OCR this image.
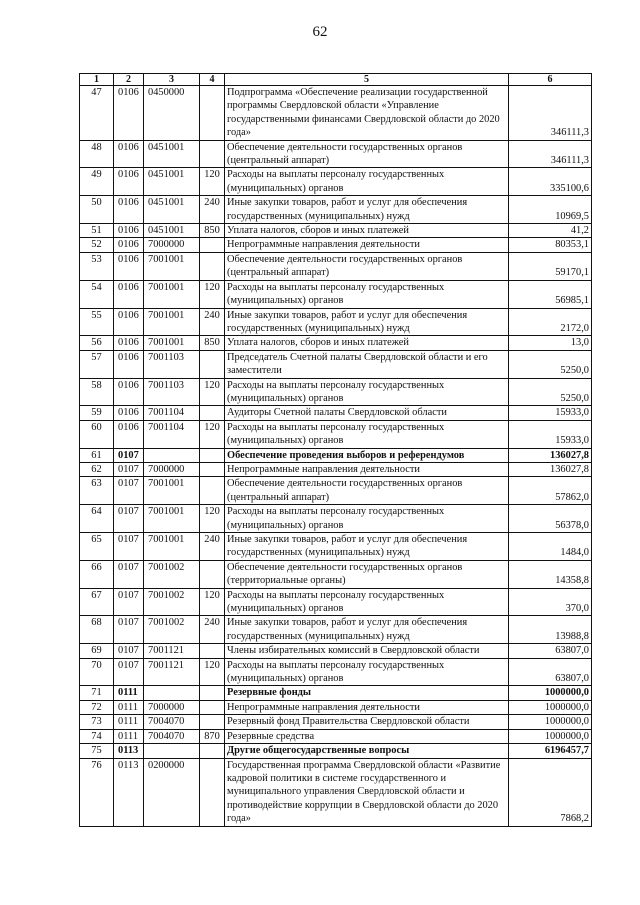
62
1	2	3	4	5	6
47	0106	0450000		Подпрограмма «Обеспечение реализации государственной программы Свердловской области «Управление государственными финансами Свердловской области до 2020 года»	346111,3
48	0106	0451001		Обеспечение деятельности государственных органов (центральный аппарат)	346111,3
49	0106	0451001	120	Расходы на выплаты персоналу государственных (муниципальных) органов	335100,6
50	0106	0451001	240	Иные закупки товаров, работ и услуг для обеспечения государственных (муниципальных) нужд	10969,5
51	0106	0451001	850	Уплата налогов, сборов и иных платежей	41,2
52	0106	7000000		Непрограммные направления деятельности	80353,1
53	0106	7001001		Обеспечение деятельности государственных органов (центральный аппарат)	59170,1
54	0106	7001001	120	Расходы на выплаты персоналу государственных (муниципальных) органов	56985,1
55	0106	7001001	240	Иные закупки товаров, работ и услуг для обеспечения государственных (муниципальных) нужд	2172,0
56	0106	7001001	850	Уплата налогов, сборов и иных платежей	13,0
57	0106	7001103		Председатель Счетной палаты Свердловской области и его заместители	5250,0
58	0106	7001103	120	Расходы на выплаты персоналу государственных (муниципальных) органов	5250,0
59	0106	7001104		Аудиторы Счетной палаты Свердловской области	15933,0
60	0106	7001104	120	Расходы на выплаты персоналу государственных (муниципальных) органов	15933,0
61	0107			Обеспечение проведения выборов и референдумов	136027,8
62	0107	7000000		Непрограммные направления деятельности	136027,8
63	0107	7001001		Обеспечение деятельности государственных органов (центральный аппарат)	57862,0
64	0107	7001001	120	Расходы на выплаты персоналу государственных (муниципальных) органов	56378,0
65	0107	7001001	240	Иные закупки товаров, работ и услуг для обеспечения государственных (муниципальных) нужд	1484,0
66	0107	7001002		Обеспечение деятельности государственных органов (территориальные органы)	14358,8
67	0107	7001002	120	Расходы на выплаты персоналу государственных (муниципальных) органов	370,0
68	0107	7001002	240	Иные закупки товаров, работ и услуг для обеспечения государственных (муниципальных) нужд	13988,8
69	0107	7001121		Члены избирательных комиссий в Свердловской области	63807,0
70	0107	7001121	120	Расходы на выплаты персоналу государственных (муниципальных) органов	63807,0
71	0111			Резервные фонды	1000000,0
72	0111	7000000		Непрограммные направления деятельности	1000000,0
73	0111	7004070		Резервный фонд Правительства Свердловской области	1000000,0
74	0111	7004070	870	Резервные средства	1000000,0
75	0113			Другие общегосударственные вопросы	6196457,7
76	0113	0200000		Государственная программа Свердловской области «Развитие кадровой политики в системе государственного и муниципального управления Свердловской области и противодействие коррупции в Свердловской области до 2020 года»	7868,2
